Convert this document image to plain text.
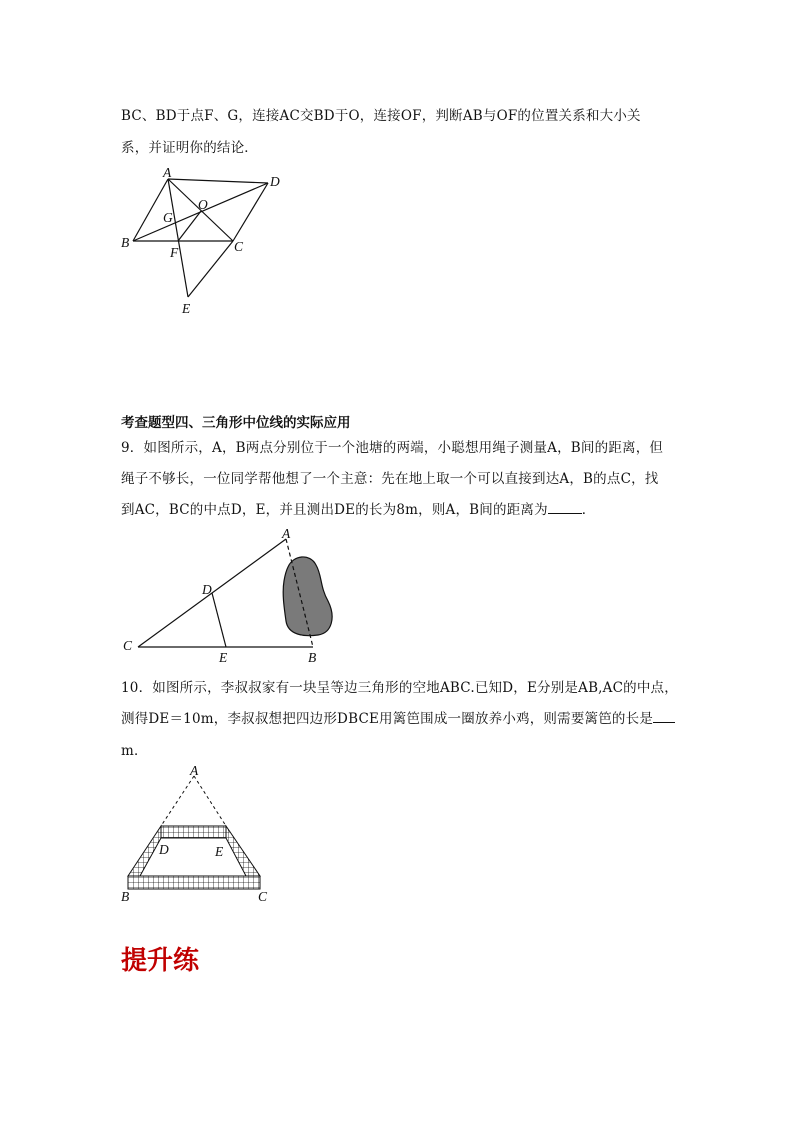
BC、BD于点F、G，连接AC交BD于O，连接OF，判断AB与OF的位置关系和大小关
系，并证明你的结论．
A
D
O
G
B	C
F
E
考查题型四、三角形中位线的实际应用
9．如图所示，A，B两点分别位于一个池塘的两端，小聪想用绳子测量A，B间的距离，但
绳子不够长，一位同学帮他想了一个主意：先在地上取一个可以直接到达A，B的点C，找
到AC，BC的中点D，E，并且测出DE的长为8m，则A，B间的距离为	．
A
D
C
E	B
10．如图所示，李叔叔家有一块呈等边三角形的空地ABC.已知D，E分别是AB,AC的中点，
测得DE＝10m，李叔叔想把四边形DBCE用篱笆围成一圈放养小鸡，则需要篱笆的长是
m．
A
D	E
B	C
提升练
